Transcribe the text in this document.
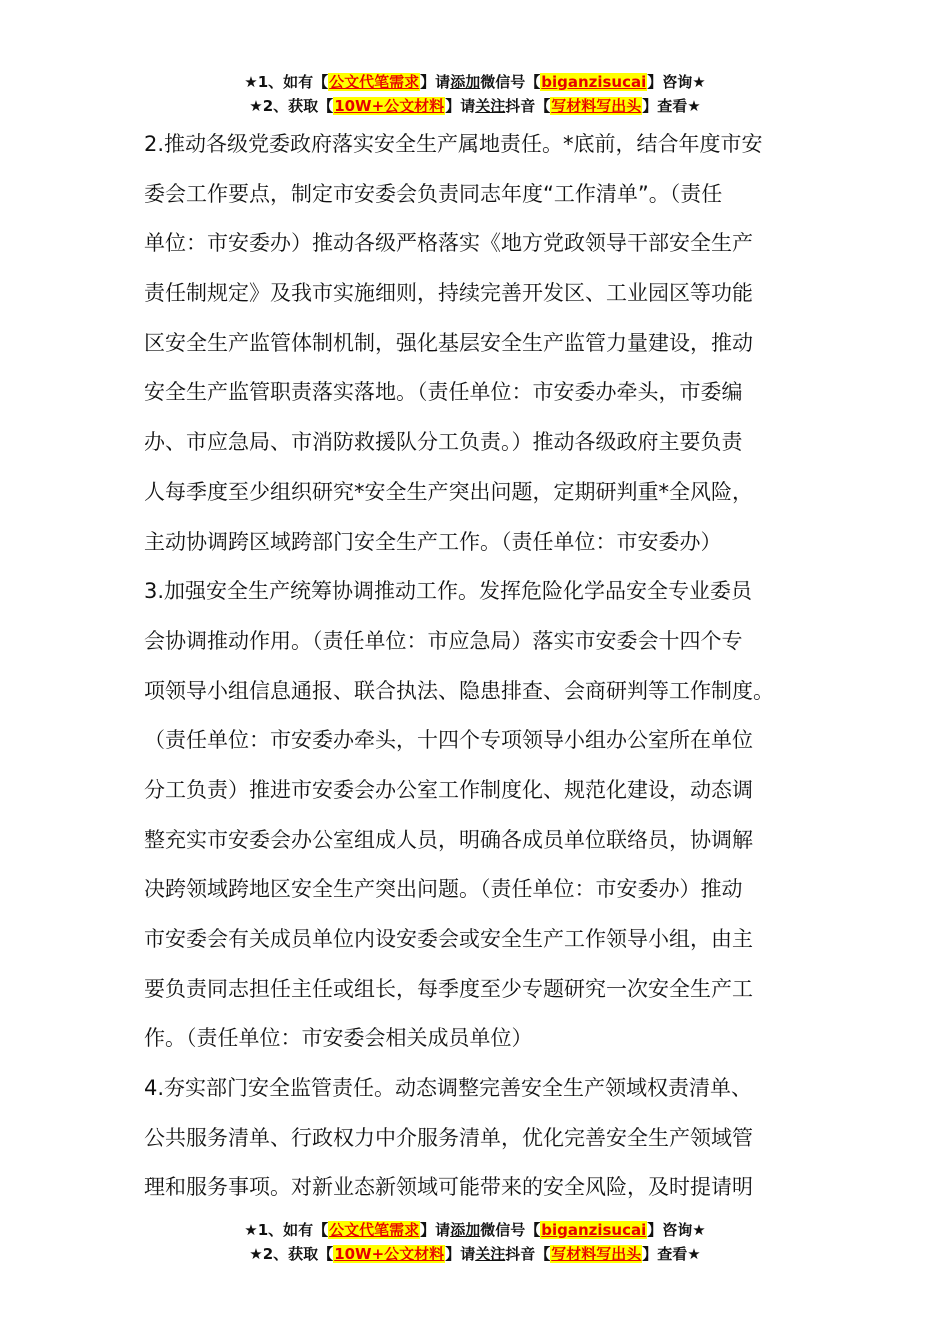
★1、如有【公文代笔需求】请添加微信号【biganzisucai】咨询★
★2、获取【10W+公文材料】请关注抖音【写材料写出头】查看★
2.推动各级党委政府落实安全生产属地责任。*底前，结合年度市安
委会工作要点，制定市安委会负责同志年度“工作清单”。（责任
单位：市安委办）推动各级严格落实《地方党政领导干部安全生产
责任制规定》及我市实施细则，持续完善开发区、工业园区等功能
区安全生产监管体制机制，强化基层安全生产监管力量建设，推动
安全生产监管职责落实落地。（责任单位：市安委办牵头，市委编
办、市应急局、市消防救援队分工负责。）推动各级政府主要负责
人每季度至少组织研究*安全生产突出问题，定期研判重*全风险，
主动协调跨区域跨部门安全生产工作。（责任单位：市安委办）
3.加强安全生产统筹协调推动工作。发挥危险化学品安全专业委员
会协调推动作用。（责任单位：市应急局）落实市安委会十四个专
项领导小组信息通报、联合执法、隐患排查、会商研判等工作制度。
（责任单位：市安委办牵头，十四个专项领导小组办公室所在单位
分工负责）推进市安委会办公室工作制度化、规范化建设，动态调
整充实市安委会办公室组成人员，明确各成员单位联络员，协调解
决跨领域跨地区安全生产突出问题。（责任单位：市安委办）推动
市安委会有关成员单位内设安委会或安全生产工作领导小组，由主
要负责同志担任主任或组长，每季度至少专题研究一次安全生产工
作。（责任单位：市安委会相关成员单位）
4.夯实部门安全监管责任。动态调整完善安全生产领域权责清单、
公共服务清单、行政权力中介服务清单，优化完善安全生产领域管
理和服务事项。对新业态新领域可能带来的安全风险，及时提请明
★1、如有【公文代笔需求】请添加微信号【biganzisucai】咨询★
★2、获取【10W+公文材料】请关注抖音【写材料写出头】查看★
